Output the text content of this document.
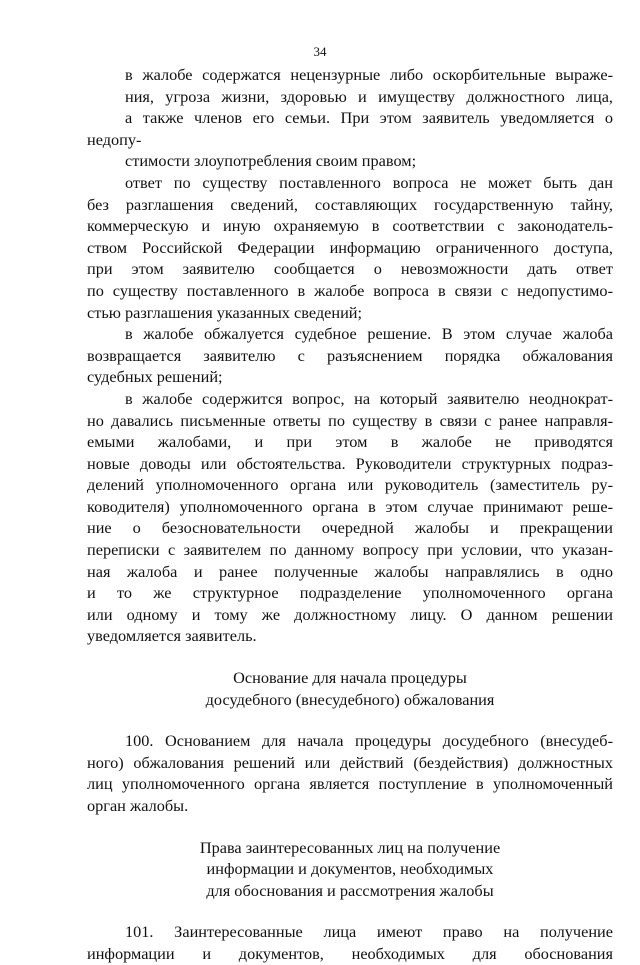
34

в жалобе содержатся нецензурные либо оскорбительные выраже-
ния, угроза жизни, здоровью и имуществу должностного лица,
а также членов его семьи. При этом заявитель уведомляется о недопу-
стимости злоупотребления своим правом;

ответ по существу поставленного вопроса не может быть дан
без разглашения сведений, составляющих государственную тайну,
коммерческую и иную охраняемую в соответствии с законодатель-
ством Российской Федерации информацию ограниченного доступа,
при этом заявителю сообщается о невозможности дать ответ
по существу поставленного в жалобе вопроса в связи с недопустимо-
стью разглашения указанных сведений;

в жалобе обжалуется судебное решение. В этом случае жалоба
возвращается заявителю с разъяснением порядка обжалования
судебных решений;

в жалобе содержится вопрос, на который заявителю неоднократ-
но давались письменные ответы по существу в связи с ранее направля-
емыми жалобами, и при этом в жалобе не приводятся
новые доводы или обстоятельства. Руководители структурных подраз-
делений уполномоченного органа или руководитель (заместитель ру-
ководителя) уполномоченного органа в этом случае принимают реше-
ние о безосновательности очередной жалобы и прекращении
переписки с заявителем по данному вопросу при условии, что указан-
ная жалоба и ранее полученные жалобы направлялись в одно
и то же структурное подразделение уполномоченного органа
или одному и тому же должностному лицу. О данном решении
уведомляется заявитель.

Основание для начала процедуры
досудебного (внесудебного) обжалования

100. Основанием для начала процедуры досудебного (внесудеб-
ного) обжалования решений или действий (бездействия) должностных
лиц уполномоченного органа является поступление в уполномоченный
орган жалобы.

Права заинтересованных лиц на получение
информации и документов, необходимых
для обоснования и рассмотрения жалобы

101. Заинтересованные лица имеют право на получение
информации и документов, необходимых для обоснования
